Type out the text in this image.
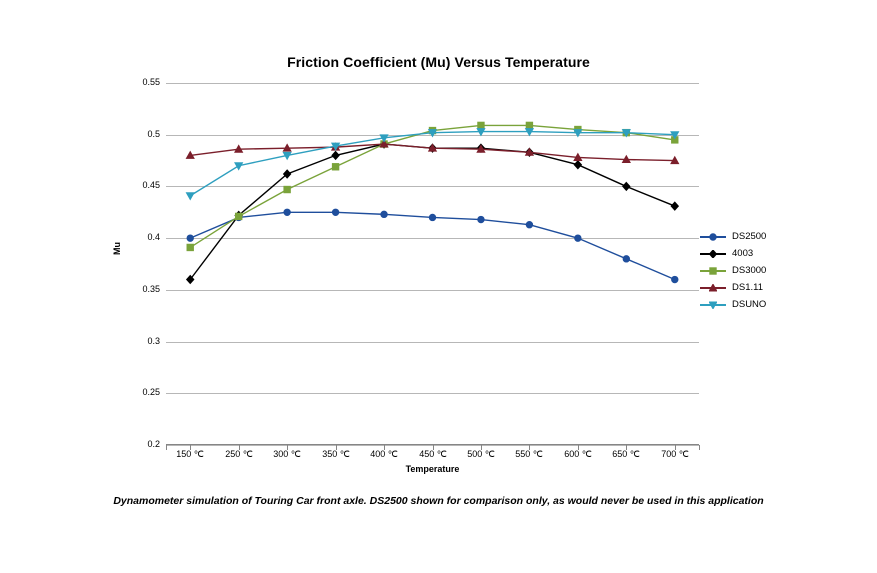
Friction Coefficient (Mu) Versus Temperature
Mu
Temperature
DS2500
4003
DS3000
DS1.11
DSUNO
Dynamometer simulation of Touring Car front axle. DS2500 shown for comparison only, as would never be used in this application
0.2
0.25
0.3
0.35
0.4
0.45
0.5
0.55
150 ℃	250 ℃	300 ℃	350 ℃	400 ℃	450 ℃	500 ℃	550 ℃	600 ℃	650 ℃	700 ℃
